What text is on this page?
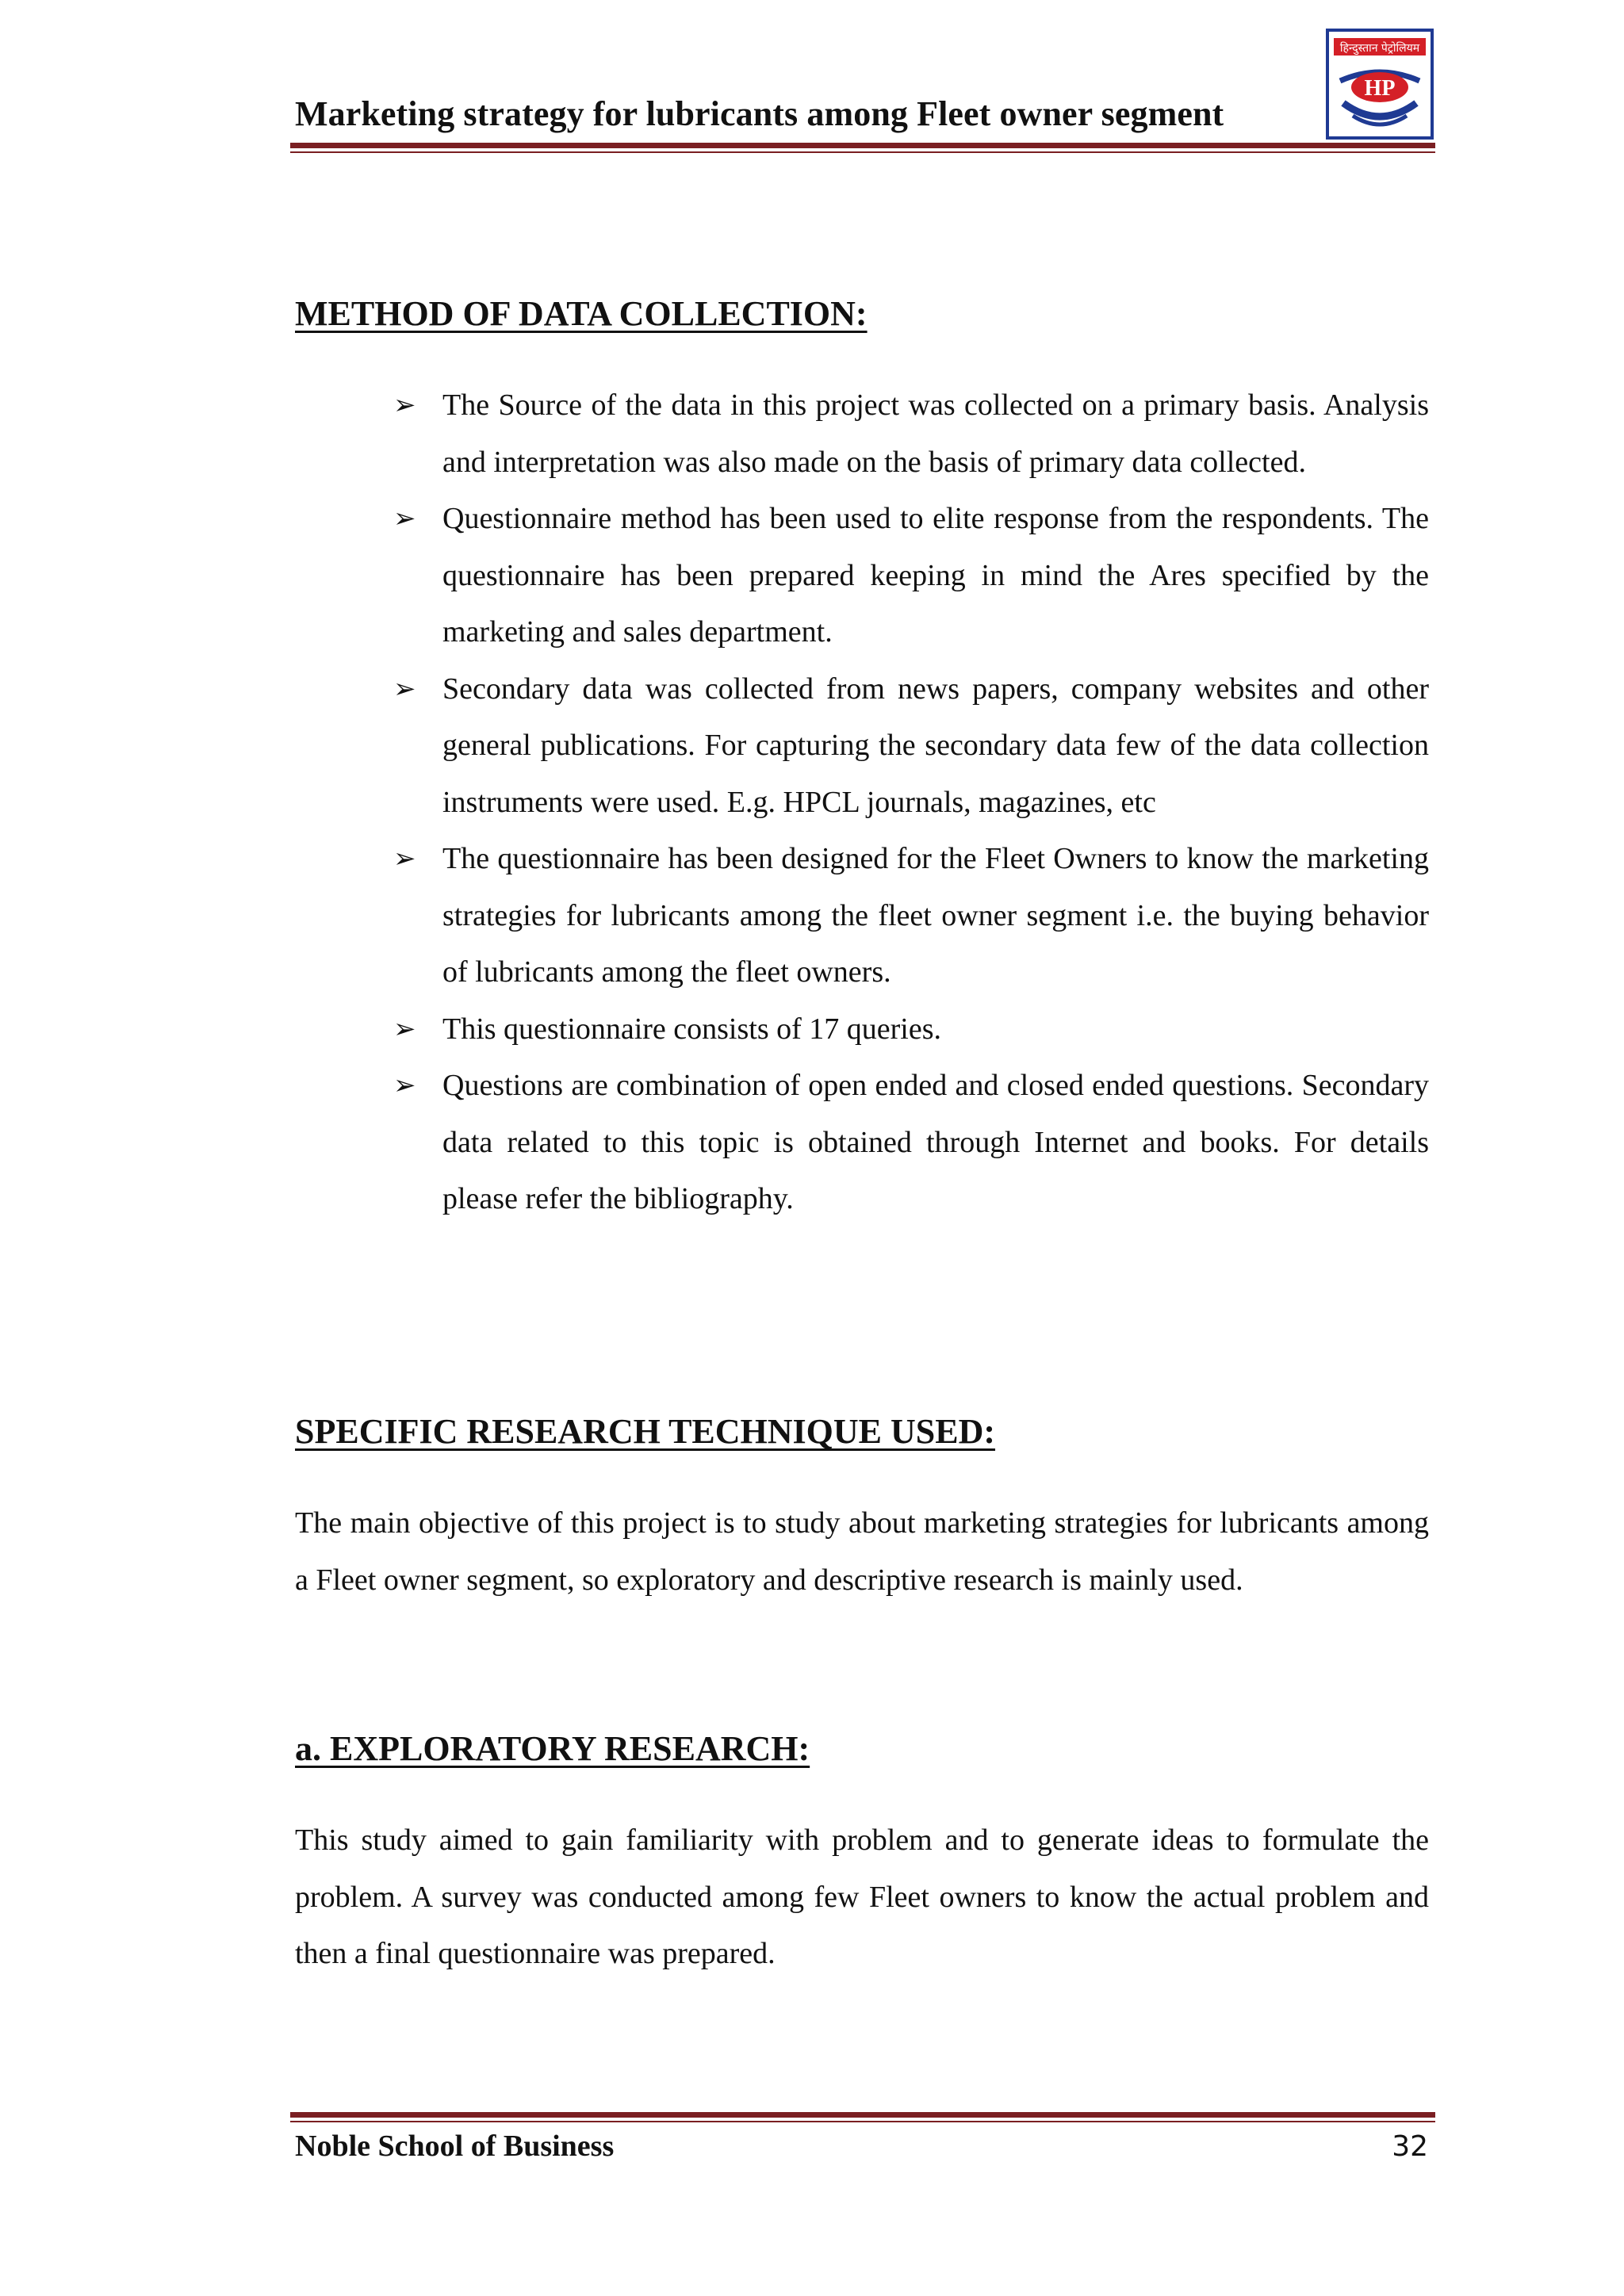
Marketing strategy for lubricants among Fleet owner segment
हिन्दुस्तान पेट्रोलियम
HP
METHOD OF DATA COLLECTION:
➢ The Source of the data in this project was collected on a primary basis. Analysis and interpretation was also made on the basis of primary data collected.
➢ Questionnaire method has been used to elite response from the respondents. The questionnaire has been prepared keeping in mind the Ares specified by the marketing and sales department.
➢ Secondary data was collected from news papers, company websites and other general publications. For capturing the secondary data few of the data collection instruments were used. E.g. HPCL journals, magazines, etc
➢ The questionnaire has been designed for the Fleet Owners to know the marketing strategies for lubricants among the fleet owner segment i.e. the buying behavior of lubricants among the fleet owners.
➢ This questionnaire consists of 17 queries.
➢ Questions are combination of open ended and closed ended questions. Secondary data related to this topic is obtained through Internet and books. For details please refer the bibliography.
SPECIFIC RESEARCH TECHNIQUE USED:
The main objective of this project is to study about marketing strategies for lubricants among a Fleet owner segment, so exploratory and descriptive research is mainly used.
a. EXPLORATORY RESEARCH:
This study aimed to gain familiarity with problem and to generate ideas to formulate the problem. A survey was conducted among few Fleet owners to know the actual problem and then a final questionnaire was prepared.
Noble School of Business	32
